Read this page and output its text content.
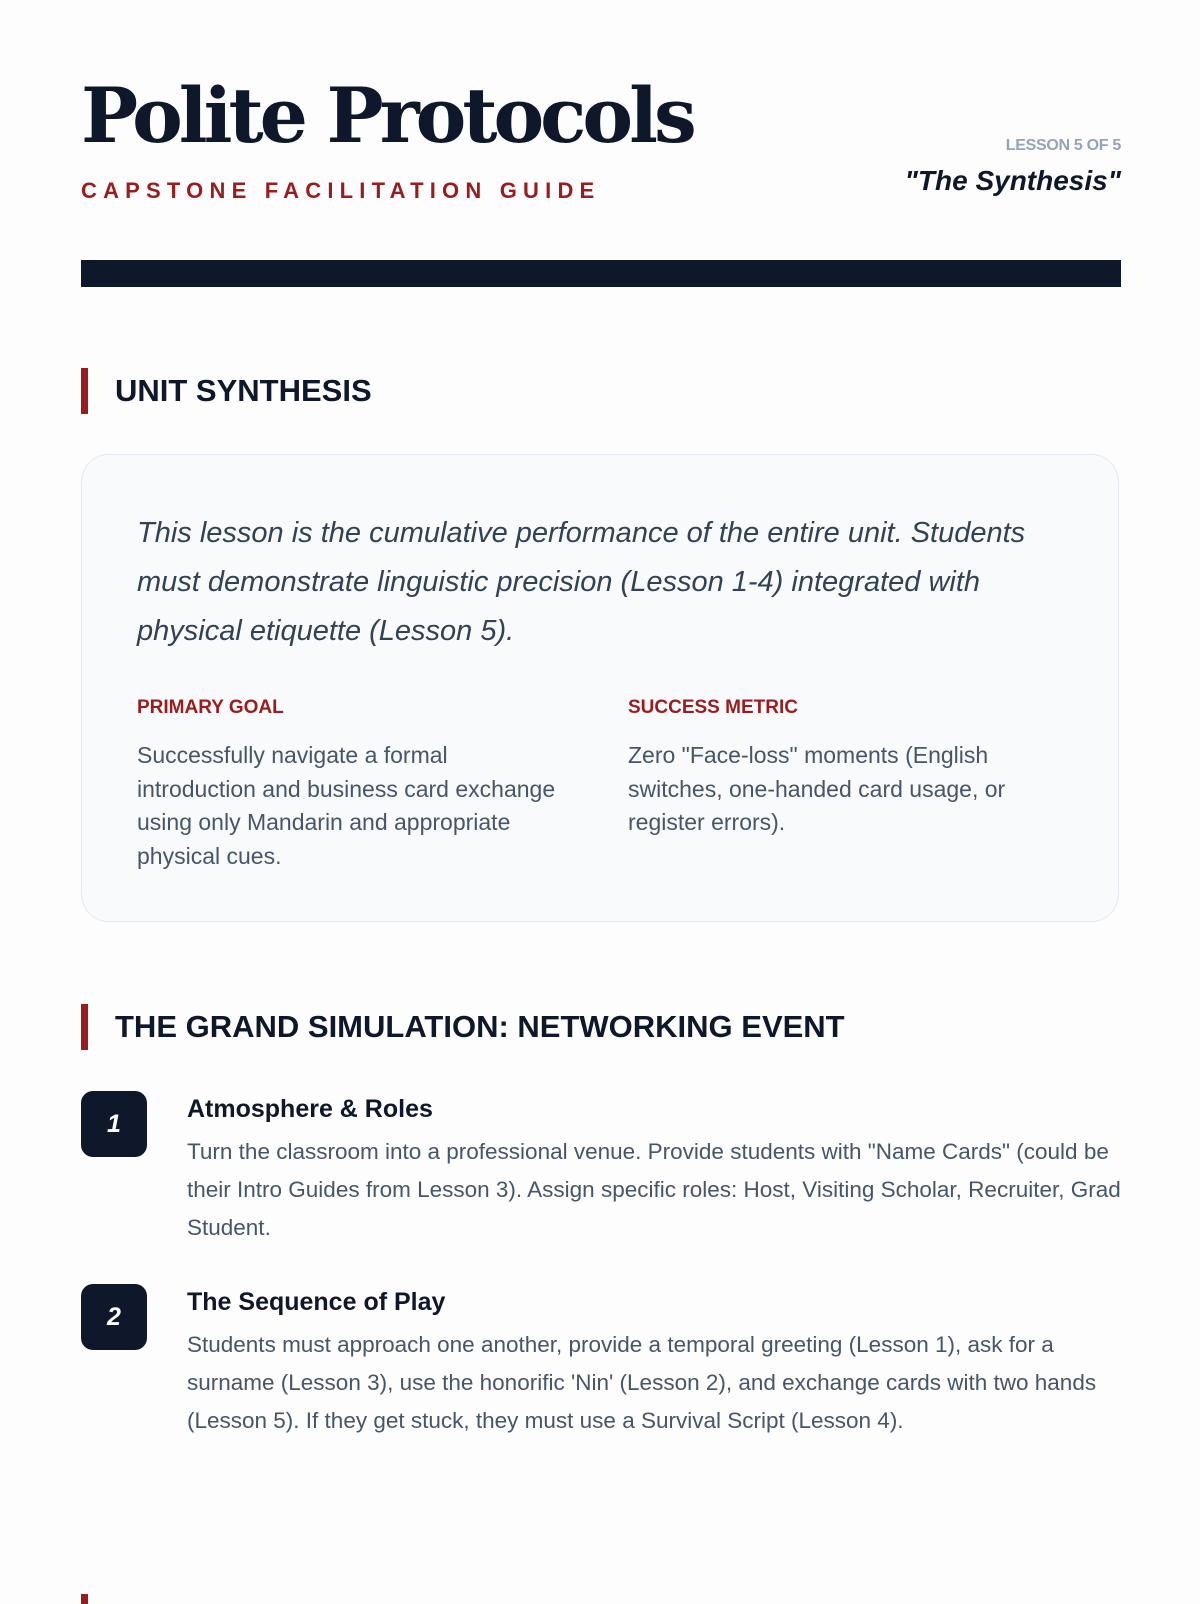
Polite Protocols
CAPSTONE FACILITATION GUIDE
LESSON 5 OF 5
"The Synthesis"
UNIT SYNTHESIS

This lesson is the cumulative performance of the entire unit. Students must demonstrate linguistic precision (Lesson 1-4) integrated with physical etiquette (Lesson 5).

PRIMARY GOAL

Successfully navigate a formal introduction and business card exchange using only Mandarin and appropriate physical cues.

SUCCESS METRIC

Zero "Face-loss" moments (English switches, one-handed card usage, or register errors).

THE GRAND SIMULATION: NETWORKING EVENT
1
Atmosphere & Roles

Turn the classroom into a professional venue. Provide students with "Name Cards" (could be their Intro Guides from Lesson 3). Assign specific roles: Host, Visiting Scholar, Recruiter, Grad Student.

2
The Sequence of Play

Students must approach one another, provide a temporal greeting (Lesson 1), ask for a surname (Lesson 3), use the honorific 'Nin' (Lesson 2), and exchange cards with two hands (Lesson 5). If they get stuck, they must use a Survival Script (Lesson 4).
